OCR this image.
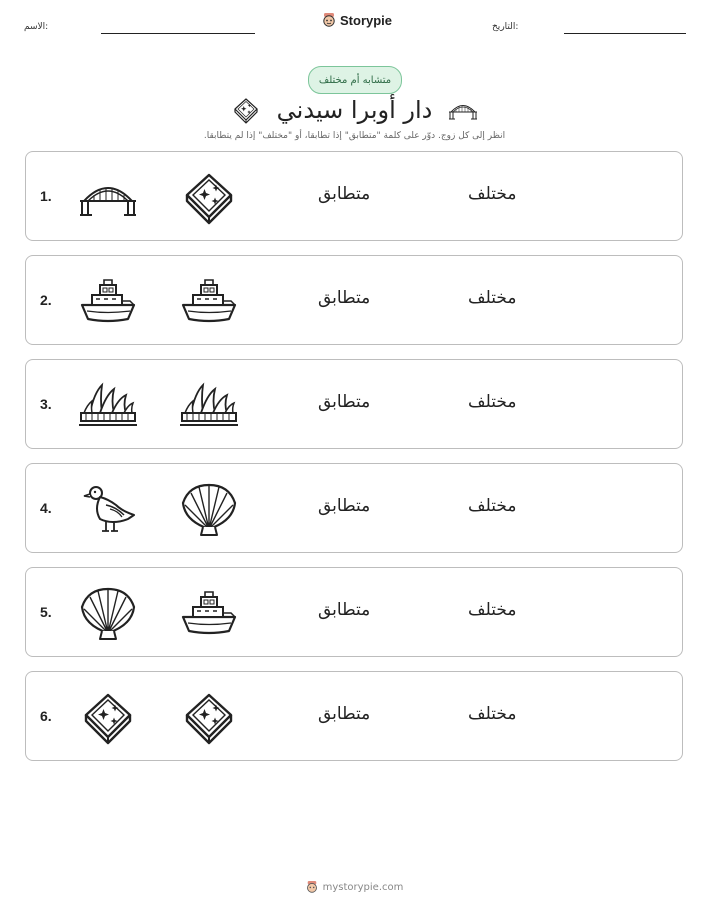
الاسم:	Storypie	التاريخ:
متشابه أم مختلف
دار أوبرا سيدني
انظر إلى كل زوج. دوّر على كلمة "متطابق" إذا تطابقا، أو "مختلف" إذا لم يتطابقا.
1.	متطابق	مختلف
2.	متطابق	مختلف
3.	متطابق	مختلف
4.	متطابق	مختلف
5.	متطابق	مختلف
6.	متطابق	مختلف
mystorypie.com
